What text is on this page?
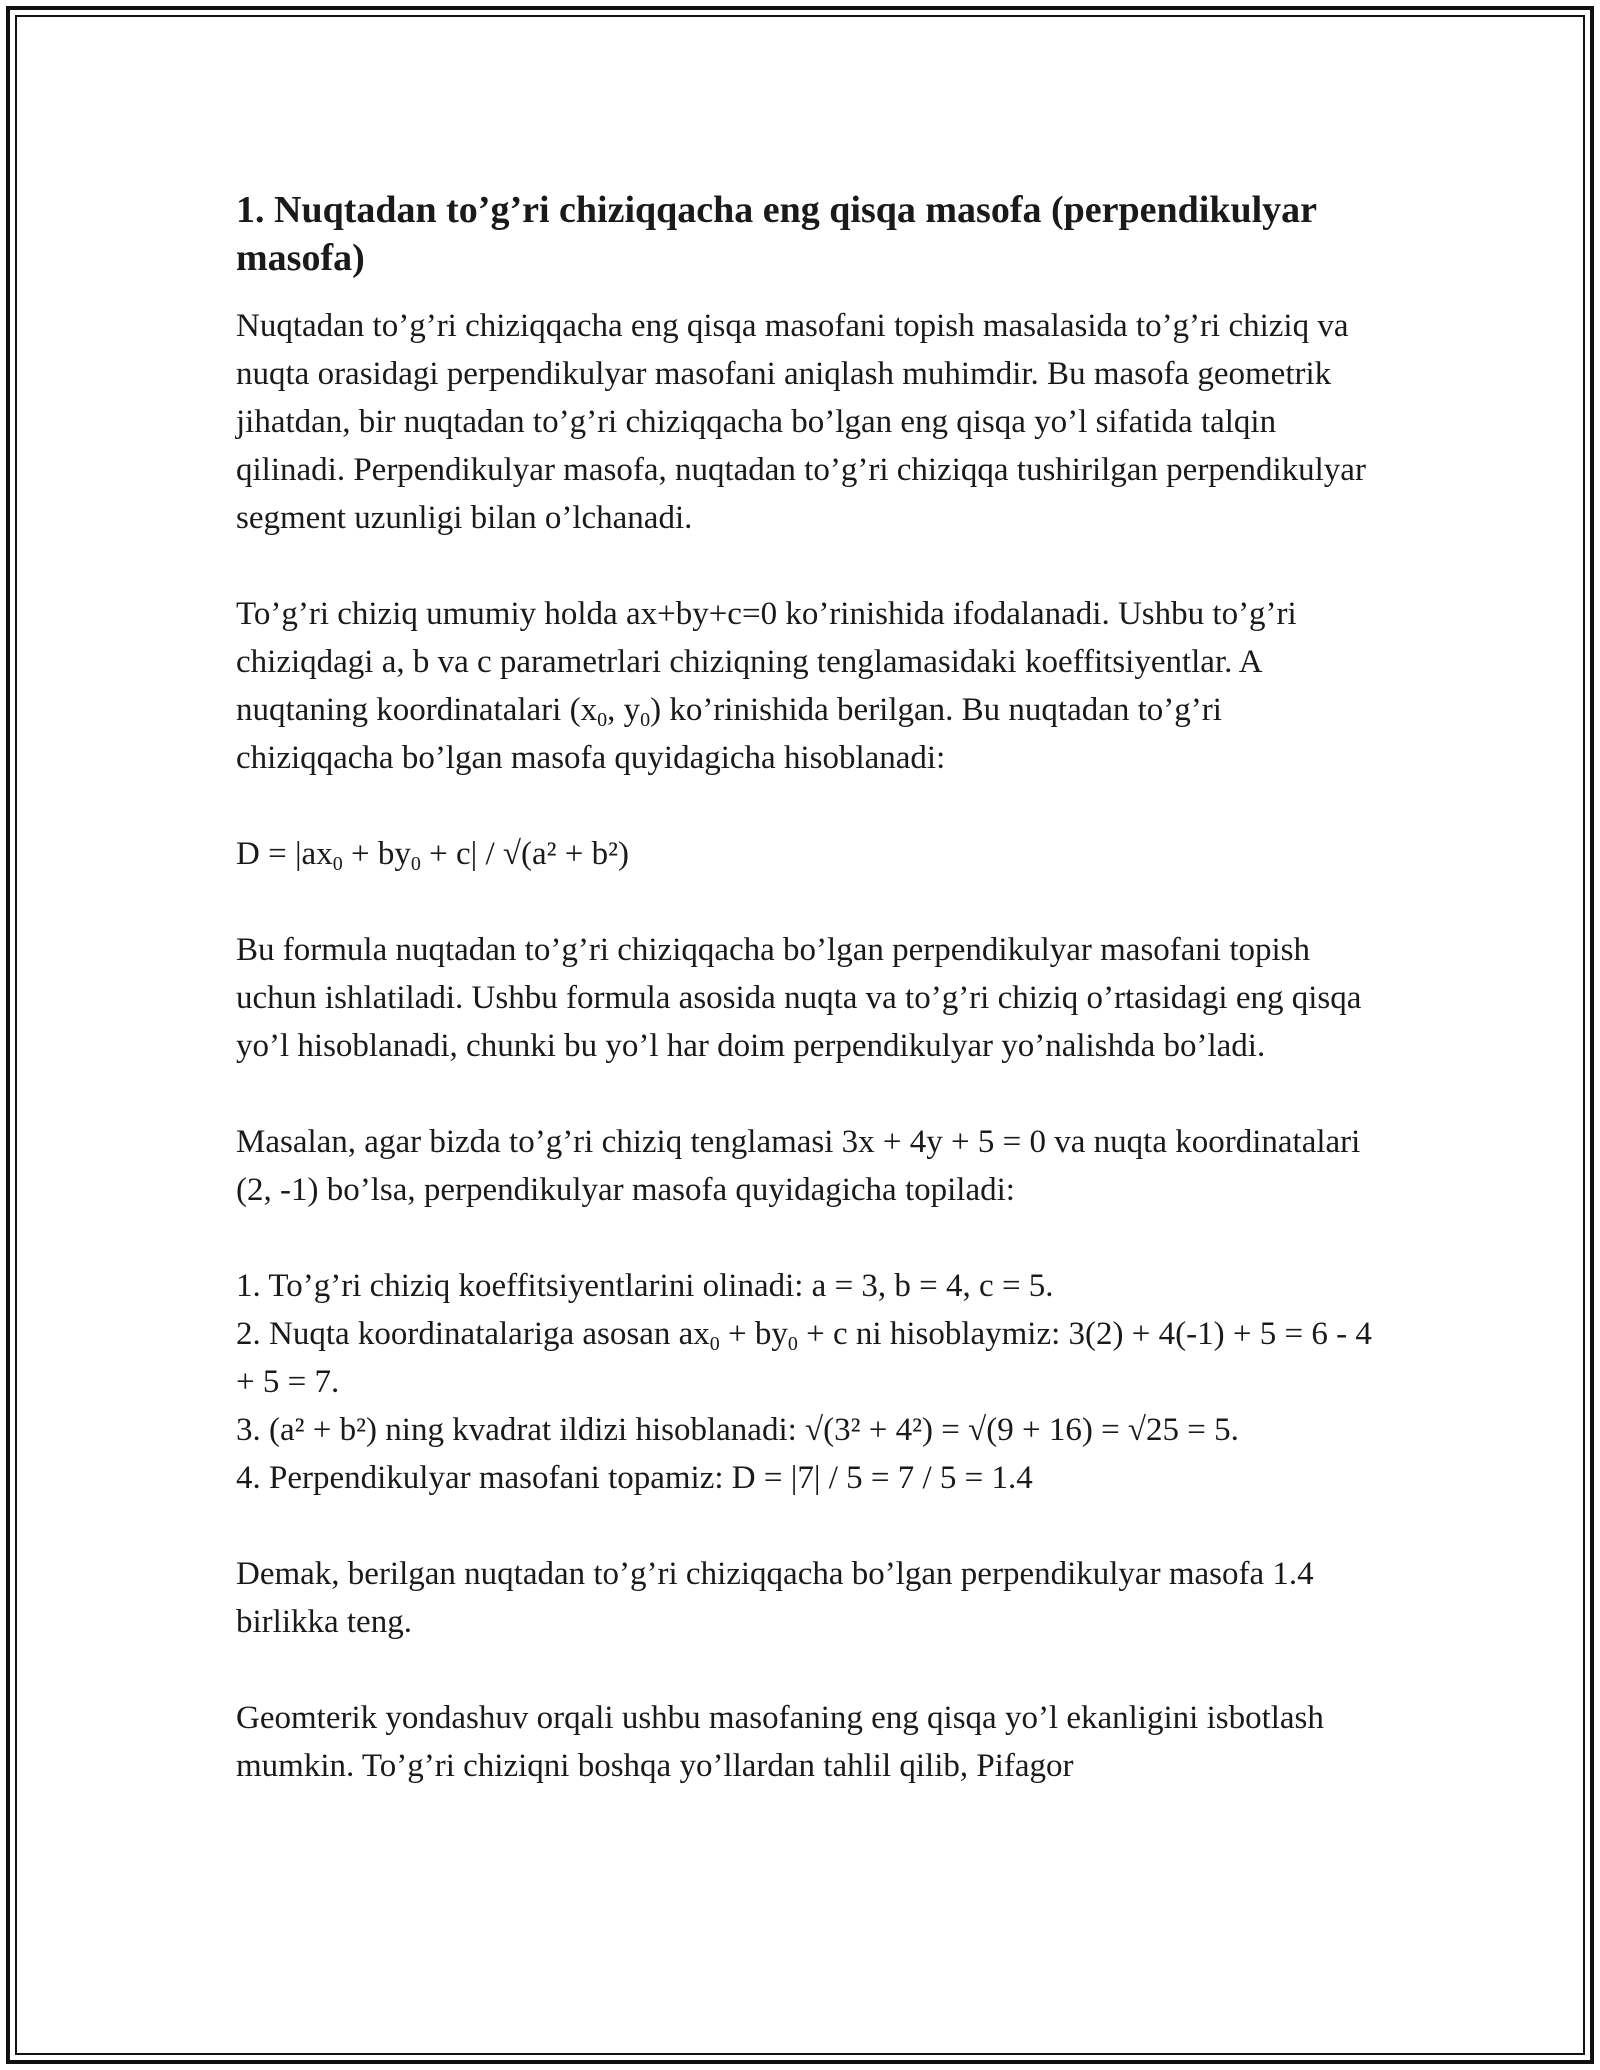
1. Nuqtadan to’g’ri chiziqqacha eng qisqa masofa (perpendikulyar masofa)

Nuqtadan to’g’ri chiziqqacha eng qisqa masofani topish masalasida to’g’ri chiziq va nuqta orasidagi perpendikulyar masofani aniqlash muhimdir. Bu masofa geometrik jihatdan, bir nuqtadan to’g’ri chiziqqacha bo’lgan eng qisqa yo’l sifatida talqin qilinadi. Perpendikulyar masofa, nuqtadan to’g’ri chiziqqa tushirilgan perpendikulyar segment uzunligi bilan o’lchanadi.

To’g’ri chiziq umumiy holda ax+by+c=0 ko’rinishida ifodalanadi. Ushbu to’g’ri chiziqdagi a, b va c parametrlari chiziqning tenglamasidaki koeffitsiyentlar. A nuqtaning koordinatalari ($x_0$, $y_0$) ko’rinishida berilgan. Bu nuqtadan to’g’ri chiziqqacha bo’lgan masofa quyidagicha hisoblanadi:

$D = |ax_0 + by_0 + c| / √(a^2 + b^2)$

Bu formula nuqtadan to’g’ri chiziqqacha bo’lgan perpendikulyar masofani topish uchun ishlatiladi. Ushbu formula asosida nuqta va to’g’ri chiziq o’rtasidagi eng qisqa yo’l hisoblanadi, chunki bu yo’l har doim perpendikulyar yo’nalishda bo’ladi.

Masalan, agar bizda to’g’ri chiziq tenglamasi 3x + 4y + 5 = 0 va nuqta koordinatalari (2, -1) bo’lsa, perpendikulyar masofa quyidagicha topiladi:

1. To’g’ri chiziq koeffitsiyentlarini olinadi: a = 3, b = 4, c = 5.
2. Nuqta koordinatalariga asosan $ax_0 + by_0 + c$ ni hisoblaymiz: 3(2) + 4(-1) + 5 = 6 - 4 + 5 = 7.
3. (a² + b²) ning kvadrat ildizi hisoblanadi: √(3² + 4²) = √(9 + 16) = √25 = 5.
4. Perpendikulyar masofani topamiz: D = |7| / 5 = 7 / 5 = 1.4

Demak, berilgan nuqtadan to’g’ri chiziqqacha bo’lgan perpendikulyar masofa 1.4 birlikka teng.

Geomterik yondashuv orqali ushbu masofaning eng qisqa yo’l ekanligini isbotlash mumkin. To’g’ri chiziqni boshqa yo’llardan tahlil qilib, Pifagor
